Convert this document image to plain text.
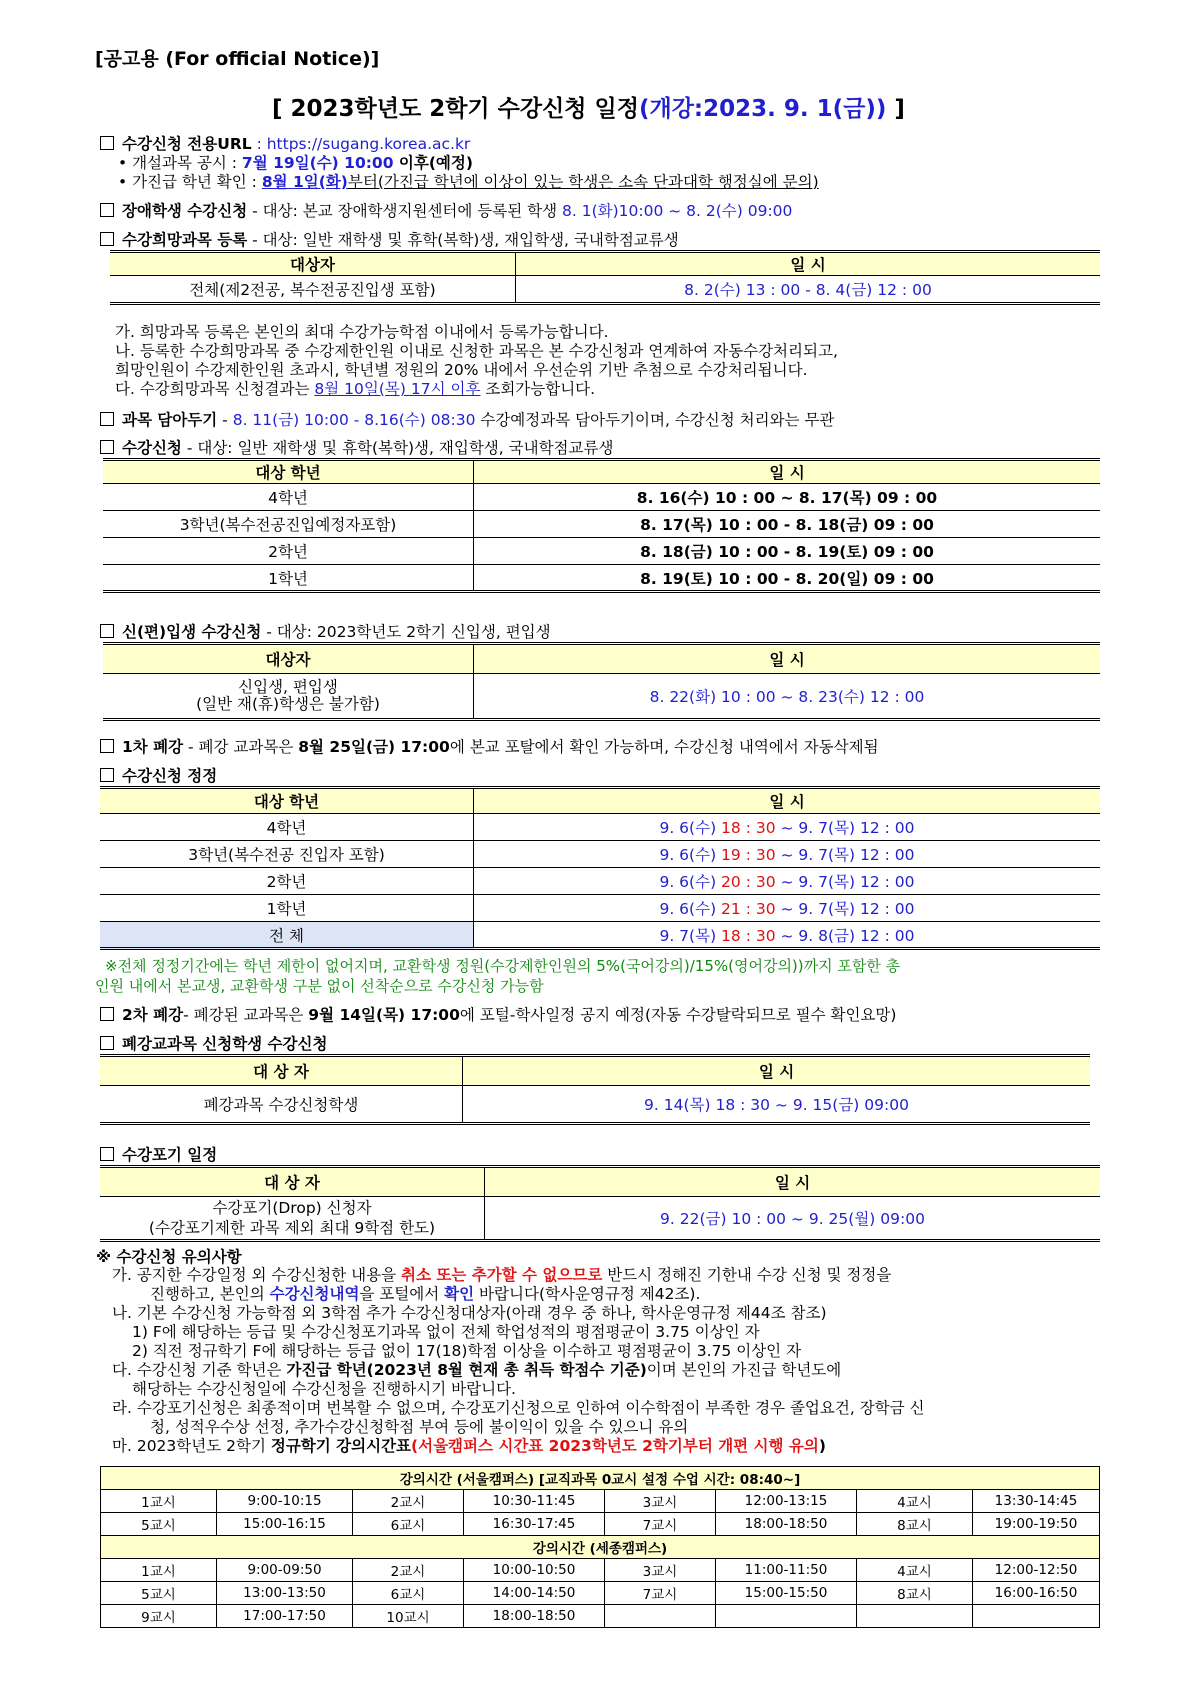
[공고용 (For official Notice)]
[ 2023학년도 2학기 수강신청 일정(개강:2023. 9. 1(금)) ]
수강신청 전용URL : https://sugang.korea.ac.kr
• 개설과목 공시 : 7월 19일(수) 10:00 이후(예정)
• 가진급 학년 확인 : 8월 1일(화)부터(가진급 학년에 이상이 있는 학생은 소속 단과대학 행정실에 문의)
장애학생 수강신청 - 대상: 본교 장애학생지원센터에 등록된 학생 8. 1(화)10:00 ~ 8. 2(수) 09:00
수강희망과목 등록 - 대상: 일반 재학생 및 휴학(복학)생, 재입학생, 국내학점교류생
대상자	일 시
전체(제2전공, 복수전공진입생 포함)	8. 2(수) 13 : 00 - 8. 4(금) 12 : 00
가. 희망과목 등록은 본인의 최대 수강가능학점 이내에서 등록가능합니다.
나. 등록한 수강희망과목 중 수강제한인원 이내로 신청한 과목은 본 수강신청과 연계하여 자동수강처리되고,
희망인원이 수강제한인원 초과시, 학년별 정원의 20% 내에서 우선순위 기반 추첨으로 수강처리됩니다.
다. 수강희망과목 신청결과는 8월 10일(목) 17시 이후 조회가능합니다.
과목 담아두기 - 8. 11(금) 10:00 - 8.16(수) 08:30 수강예정과목 담아두기이며, 수강신청 처리와는 무관
수강신청 - 대상: 일반 재학생 및 휴학(복학)생, 재입학생, 국내학점교류생
대상 학년	일 시
4학년	8. 16(수) 10 : 00 ~ 8. 17(목) 09 : 00
3학년(복수전공진입예정자포함)	8. 17(목) 10 : 00 - 8. 18(금) 09 : 00
2학년	8. 18(금) 10 : 00 - 8. 19(토) 09 : 00
1학년	8. 19(토) 10 : 00 - 8. 20(일) 09 : 00
신(편)입생 수강신청 - 대상: 2023학년도 2학기 신입생, 편입생
대상자	일 시
신입생, 편입생
(일반 재(휴)학생은 불가함)	8. 22(화) 10 : 00 ~ 8. 23(수) 12 : 00
1차 폐강 - 폐강 교과목은 8월 25일(금) 17:00에 본교 포탈에서 확인 가능하며, 수강신청 내역에서 자동삭제됨
수강신청 정정
대상 학년	일 시
4학년	9. 6(수) 18 : 30 ~ 9. 7(목) 12 : 00
3학년(복수전공 진입자 포함)	9. 6(수) 19 : 30 ~ 9. 7(목) 12 : 00
2학년	9. 6(수) 20 : 30 ~ 9. 7(목) 12 : 00
1학년	9. 6(수) 21 : 30 ~ 9. 7(목) 12 : 00
전 체	9. 7(목) 18 : 30 ~ 9. 8(금) 12 : 00
※전체 정정기간에는 학년 제한이 없어지며, 교환학생 정원(수강제한인원의 5%(국어강의)/15%(영어강의))까지 포함한 총
인원 내에서 본교생, 교환학생 구분 없이 선착순으로 수강신청 가능함
2차 폐강- 폐강된 교과목은 9월 14일(목) 17:00에 포털-학사일정 공지 예정(자동 수강탈락되므로 필수 확인요망)
폐강교과목 신청학생 수강신청
대 상 자	일 시
폐강과목 수강신청학생	9. 14(목) 18 : 30 ~ 9. 15(금) 09:00
수강포기 일정
대 상 자	일 시
수강포기(Drop) 신청자
(수강포기제한 과목 제외 최대 9학점 한도)	9. 22(금) 10 : 00 ~ 9. 25(월) 09:00
※ 수강신청 유의사항
가. 공지한 수강일정 외 수강신청한 내용을 취소 또는 추가할 수 없으므로 반드시 정해진 기한내 수강 신청 및 정정을
진행하고, 본인의 수강신청내역을 포털에서 확인 바랍니다(학사운영규정 제42조).
나. 기본 수강신청 가능학점 외 3학점 추가 수강신청대상자(아래 경우 중 하나, 학사운영규정 제44조 참조)
1) F에 해당하는 등급 및 수강신청포기과목 없이 전체 학업성적의 평점평균이 3.75 이상인 자
2) 직전 정규학기 F에 해당하는 등급 없이 17(18)학점 이상을 이수하고 평점평균이 3.75 이상인 자
다. 수강신청 기준 학년은 가진급 학년(2023년 8월 현재 총 취득 학점수 기준)이며 본인의 가진급 학년도에
해당하는 수강신청일에 수강신청을 진행하시기 바랍니다.
라. 수강포기신청은 최종적이며 번복할 수 없으며, 수강포기신청으로 인하여 이수학점이 부족한 경우 졸업요건, 장학금 신
청, 성적우수상 선정, 추가수강신청학점 부여 등에 불이익이 있을 수 있으니 유의
마. 2023학년도 2학기 정규학기 강의시간표(서울캠퍼스 시간표 2023학년도 2학기부터 개편 시행 유의)
강의시간 (서울캠퍼스) [교직과목 0교시 설정 수업 시간: 08:40~]							
1교시	9:00-10:15	2교시	10:30-11:45	3교시	12:00-13:15	4교시	13:30-14:45
5교시	15:00-16:15	6교시	16:30-17:45	7교시	18:00-18:50	8교시	19:00-19:50
강의시간 (세종캠퍼스)							
1교시	9:00-09:50	2교시	10:00-10:50	3교시	11:00-11:50	4교시	12:00-12:50
5교시	13:00-13:50	6교시	14:00-14:50	7교시	15:00-15:50	8교시	16:00-16:50
9교시	17:00-17:50	10교시	18:00-18:50				
